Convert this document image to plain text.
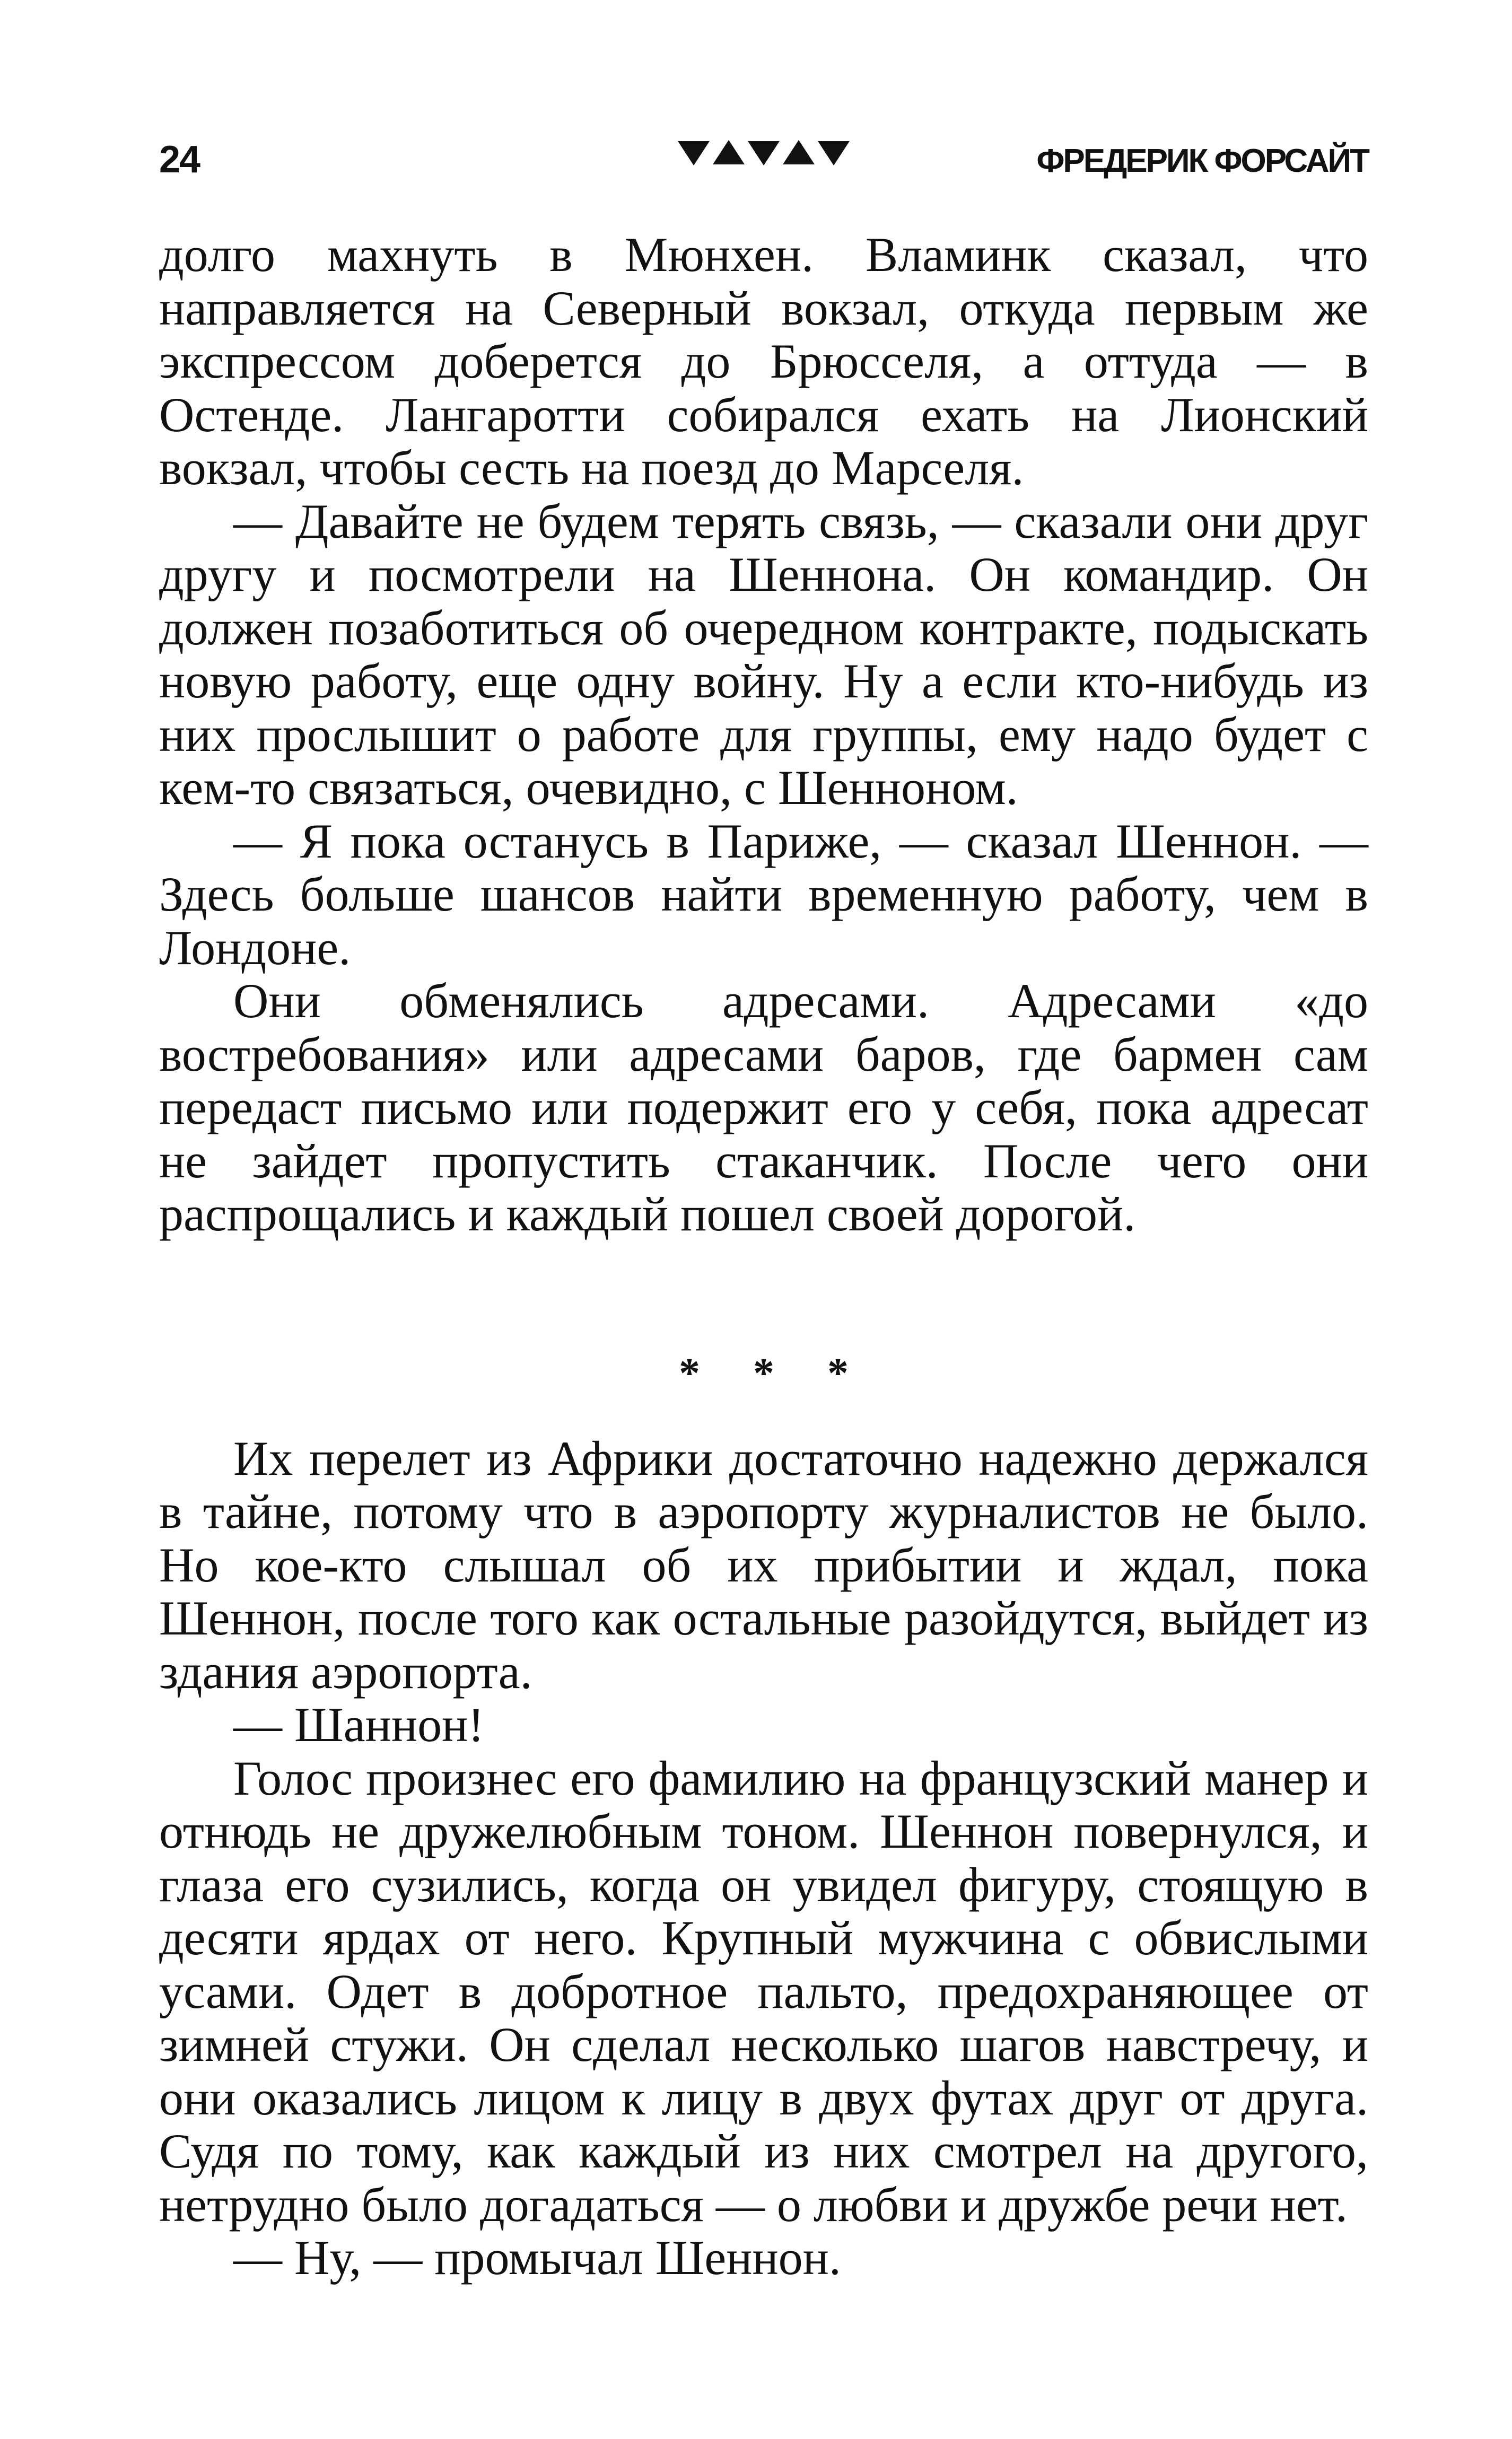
24	ФРЕДЕРИК ФОРСАЙТ

долго махнуть в Мюнхен. Вламинк сказал, что направляется на Северный вокзал, откуда первым же экспрессом доберется до Брюсселя, а оттуда — в Остенде. Лангаротти собирался ехать на Лионский вокзал, чтобы сесть на поезд до Марселя.

— Давайте не будем терять связь, — сказали они друг другу и посмотрели на Шеннона. Он командир. Он должен позаботиться об очередном контракте, подыскать новую работу, еще одну войну. Ну а если кто-нибудь из них прослышит о работе для группы, ему надо будет с кем-то связаться, очевидно, с Шенноном.

— Я пока останусь в Париже, — сказал Шеннон. — Здесь больше шансов найти временную работу, чем в Лондоне.

Они обменялись адресами. Адресами «до востребования» или адресами баров, где бармен сам передаст письмо или подержит его у себя, пока адресат не зайдет пропустить стаканчик. После чего они распрощались и каждый пошел своей дорогой.

* * *

Их перелет из Африки достаточно надежно держался в тайне, потому что в аэропорту журналистов не было. Но кое-кто слышал об их прибытии и ждал, пока Шеннон, после того как остальные разойдутся, выйдет из здания аэропорта.

— Шаннон!

Голос произнес его фамилию на французский манер и отнюдь не дружелюбным тоном. Шеннон повернулся, и глаза его сузились, когда он увидел фигуру, стоящую в десяти ярдах от него. Крупный мужчина с обвислыми усами. Одет в добротное пальто, предохраняющее от зимней стужи. Он сделал несколько шагов навстречу, и они оказались лицом к лицу в двух футах друг от друга. Судя по тому, как каждый из них смотрел на другого, нетрудно было догадаться — о любви и дружбе речи нет.

— Ну, — промычал Шеннон.
